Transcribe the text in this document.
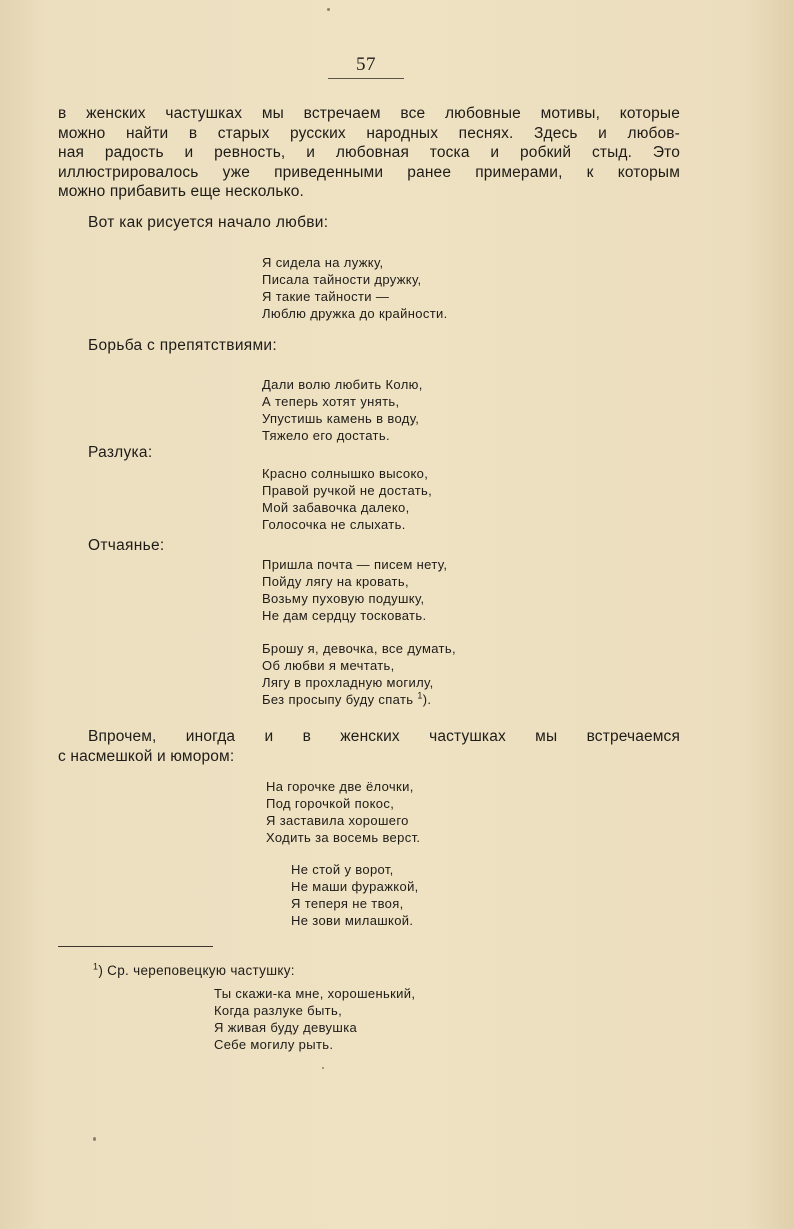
57
в женских частушках мы встречаем все любовные мотивы, которые
можно найти в старых русских народных песнях. Здесь и любов-
ная радость и ревность, и любовная тоска и робкий стыд. Это
иллюстрировалось уже приведенными ранее примерами, к которым
можно прибавить еще несколько.
Вот как рисуется начало любви:
Я сидела на лужку,
Писала тайности дружку,
Я такие тайности —
Люблю дружка до крайности.
Борьба с препятствиями:
Дали волю любить Колю,
А теперь хотят унять,
Упустишь камень в воду,
Тяжело его достать.
Разлука:
Красно солнышко высоко,
Правой ручкой не достать,
Мой забавочка далеко,
Голосочка не слыхать.
Отчаянье:
Пришла почта — писем нету,
Пойду лягу на кровать,
Возьму пуховую подушку,
Не дам сердцу тосковать.
Брошу я, девочка, все думать,
Об любви я мечтать,
Лягу в прохладную могилу,
Без просыпу буду спать $^1$).
Впрочем, иногда и в женских частушках мы встречаемся
с насмешкой и юмором:
На горочке две ёлочки,
Под горочкой покос,
Я заставила хорошего
Ходить за восемь верст.
Не стой у ворот,
Не маши фуражкой,
Я теперя не твоя,
Не зови милашкой.
$^1$) Ср. череповецкую частушку:
Ты скажи-ка мне, хорошенький,
Когда разлуке быть,
Я живая буду девушка
Себе могилу рыть.
